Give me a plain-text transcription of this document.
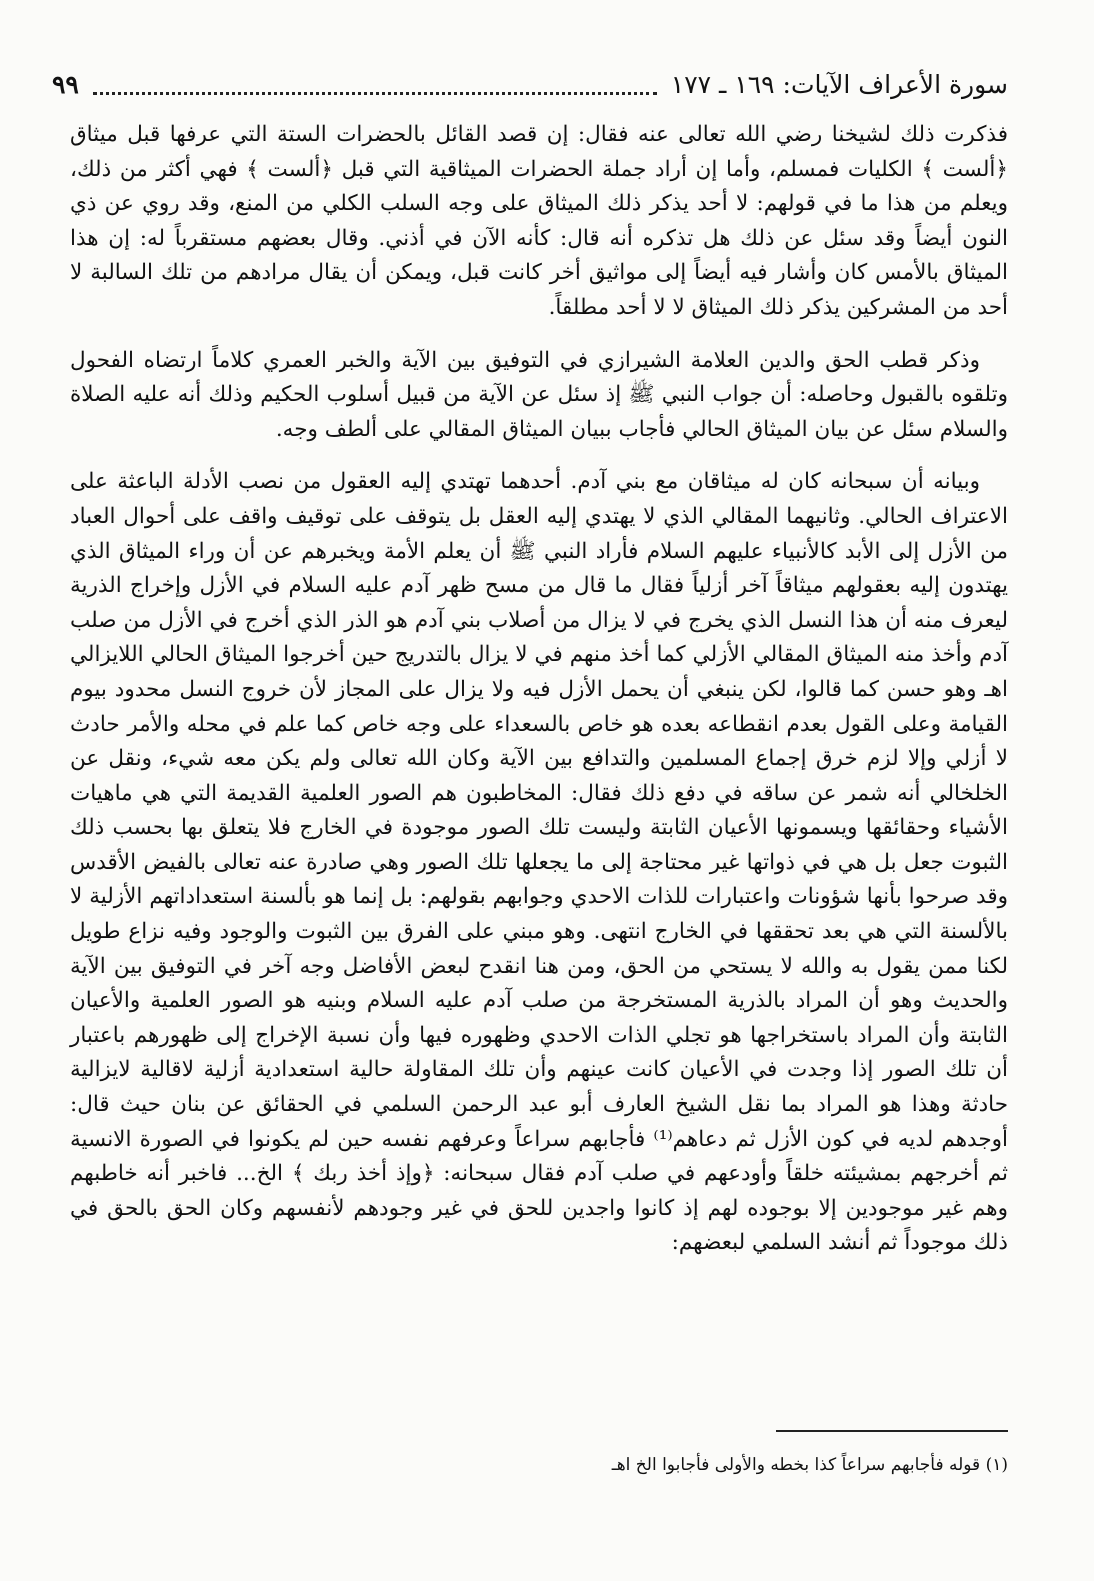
سورة الأعراف الآيات: ١٦٩ ـ ١٧٧
٩٩

فذكرت ذلك لشيخنا رضي الله تعالى عنه فقال: إن قصد القائل بالحضرات الستة التي عرفها قبل ميثاق ﴿ألست ﴾ الكليات فمسلم، وأما إن أراد جملة الحضرات الميثاقية التي قبل ﴿ألست ﴾ فهي أكثر من ذلك، ويعلم من هذا ما في قولهم: لا أحد يذكر ذلك الميثاق على وجه السلب الكلي من المنع، وقد روي عن ذي النون أيضاً وقد سئل عن ذلك هل تذكره أنه قال: كأنه الآن في أذني. وقال بعضهم مستقرباً له: إن هذا الميثاق بالأمس كان وأشار فيه أيضاً إلى مواثيق أخر كانت قبل، ويمكن أن يقال مرادهم من تلك السالبة لا أحد من المشركين يذكر ذلك الميثاق لا لا أحد مطلقاً.

وذكر قطب الحق والدين العلامة الشيرازي في التوفيق بين الآية والخبر العمري كلاماً ارتضاه الفحول وتلقوه بالقبول وحاصله: أن جواب النبي ﷺ إذ سئل عن الآية من قبيل أسلوب الحكيم وذلك أنه عليه الصلاة والسلام سئل عن بيان الميثاق الحالي فأجاب ببيان الميثاق المقالي على ألطف وجه.

وبيانه أن سبحانه كان له ميثاقان مع بني آدم. أحدهما تهتدي إليه العقول من نصب الأدلة الباعثة على الاعتراف الحالي. وثانيهما المقالي الذي لا يهتدي إليه العقل بل يتوقف على توقيف واقف على أحوال العباد من الأزل إلى الأبد كالأنبياء عليهم السلام فأراد النبي ﷺ أن يعلم الأمة ويخبرهم عن أن وراء الميثاق الذي يهتدون إليه بعقولهم ميثاقاً آخر أزلياً فقال ما قال من مسح ظهر آدم عليه السلام في الأزل وإخراج الذرية ليعرف منه أن هذا النسل الذي يخرج في لا يزال من أصلاب بني آدم هو الذر الذي أخرج في الأزل من صلب آدم وأخذ منه الميثاق المقالي الأزلي كما أخذ منهم في لا يزال بالتدريج حين أخرجوا الميثاق الحالي اللايزالي اهـ وهو حسن كما قالوا، لكن ينبغي أن يحمل الأزل فيه ولا يزال على المجاز لأن خروج النسل محدود بيوم القيامة وعلى القول بعدم انقطاعه بعده هو خاص بالسعداء على وجه خاص كما علم في محله والأمر حادث لا أزلي وإلا لزم خرق إجماع المسلمين والتدافع بين الآية وكان الله تعالى ولم يكن معه شيء، ونقل عن الخلخالي أنه شمر عن ساقه في دفع ذلك فقال: المخاطبون هم الصور العلمية القديمة التي هي ماهيات الأشياء وحقائقها ويسمونها الأعيان الثابتة وليست تلك الصور موجودة في الخارج فلا يتعلق بها بحسب ذلك الثبوت جعل بل هي في ذواتها غير محتاجة إلى ما يجعلها تلك الصور وهي صادرة عنه تعالى بالفيض الأقدس وقد صرحوا بأنها شؤونات واعتبارات للذات الاحدي وجوابهم بقولهم: بل إنما هو بألسنة استعداداتهم الأزلية لا بالألسنة التي هي بعد تحققها في الخارج انتهى. وهو مبني على الفرق بين الثبوت والوجود وفيه نزاع طويل لكنا ممن يقول به والله لا يستحي من الحق، ومن هنا انقدح لبعض الأفاضل وجه آخر في التوفيق بين الآية والحديث وهو أن المراد بالذرية المستخرجة من صلب آدم عليه السلام وبنيه هو الصور العلمية والأعيان الثابتة وأن المراد باستخراجها هو تجلي الذات الاحدي وظهوره فيها وأن نسبة الإخراج إلى ظهورهم باعتبار أن تلك الصور إذا وجدت في الأعيان كانت عينهم وأن تلك المقاولة حالية استعدادية أزلية لاقالية لايزالية حادثة وهذا هو المراد بما نقل الشيخ العارف أبو عبد الرحمن السلمي في الحقائق عن بنان حيث قال: أوجدهم لديه في كون الأزل ثم دعاهم⁽¹⁾ فأجابهم سراعاً وعرفهم نفسه حين لم يكونوا في الصورة الانسية ثم أخرجهم بمشيئته خلقاً وأودعهم في صلب آدم فقال سبحانه: ﴿وإذ أخذ ربك ﴾ الخ... فاخبر أنه خاطبهم وهم غير موجودين إلا بوجوده لهم إذ كانوا واجدين للحق في غير وجودهم لأنفسهم وكان الحق بالحق في ذلك موجوداً ثم أنشد السلمي لبعضهم:

(١) قوله فأجابهم سراعاً كذا بخطه والأولى فأجابوا الخ اهـ
